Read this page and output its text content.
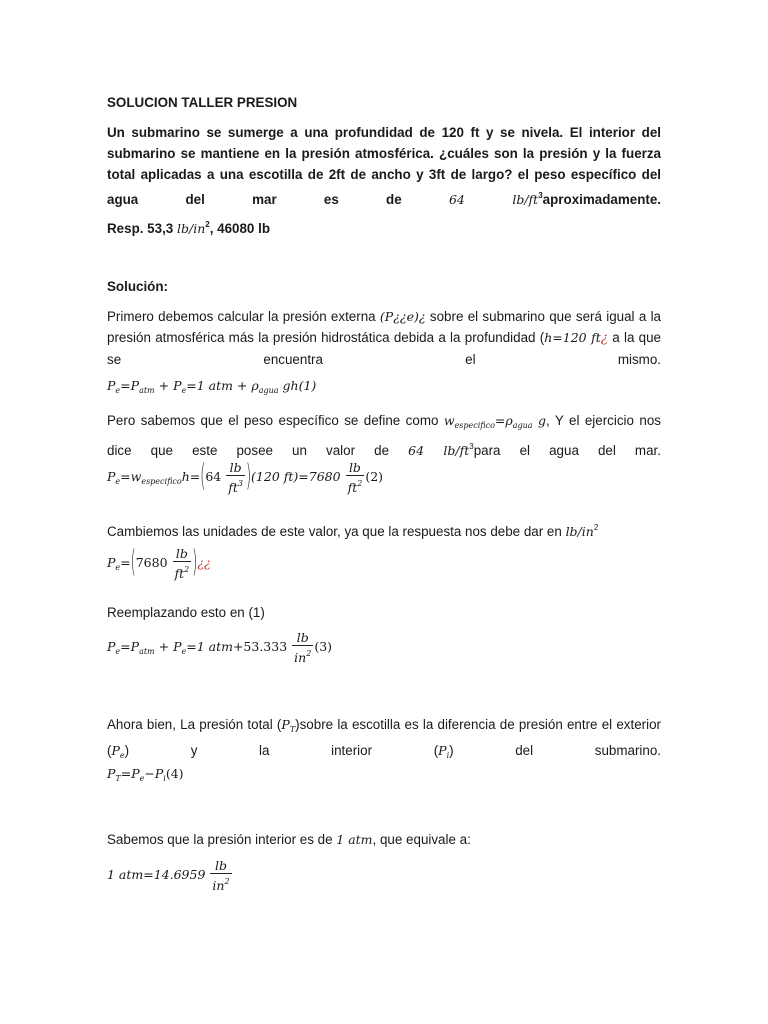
SOLUCION TALLER PRESION
Un submarino se sumerge a una profundidad de 120 ft y se nivela. El interior del submarino se mantiene en la presión atmosférica. ¿cuáles son la presión y la fuerza total aplicadas a una escotilla de 2ft de ancho y 3ft de largo? el peso específico del agua del mar es de	64 $lb/ft^3aproximadamente$.
Resp. 53,3 $lb/in^2$, 46080 lb
Solución:
Primero debemos calcular la presión externa (P¿¿e)¿ sobre el submarino que será igual a la presión atmosférica más la presión hidrostática debida a la profundidad (h=120 ft¿ a la que se encuentra el mismo.
$P_e=P_{atm} + P_e=1$ atm + $\rho_{agua}$ gh(1)
Pero sabemos que el peso específico se define como $w_{especifico}=\rho_{agua}$ g, Y el ejercicio nos dice que este posee un valor de 64 $lb/ft^3para$ el agua del mar.
$P_e=w_{especifico}h=(64 \frac{lb}{ft^3} )(120$ $ft)=7680 \frac{lb}{ft^2} (2)$
Cambiemos las unidades de este valor, ya que la respuesta nos debe dar en $lb/in^2$
$P_e=(7680 \frac{lb}{ft^2}$ )¿¿
Reemplazando esto en (1)
$P_e=P_{atm} + P_e=1$ $atm+53.333 \frac{lb}{in^2} (3)$
Ahora bien, La presión total $(P_T)sobre$ la escotilla es la diferencia de presión entre el exterior $(P_e)$ y la interior $(P_i)$ del submarino.
$P_T=P_e-P_i(4)$
Sabemos que la presión interior es de 1 atm, que equivale a:
1 $atm=14.6959 \frac{lb}{in^2}$
